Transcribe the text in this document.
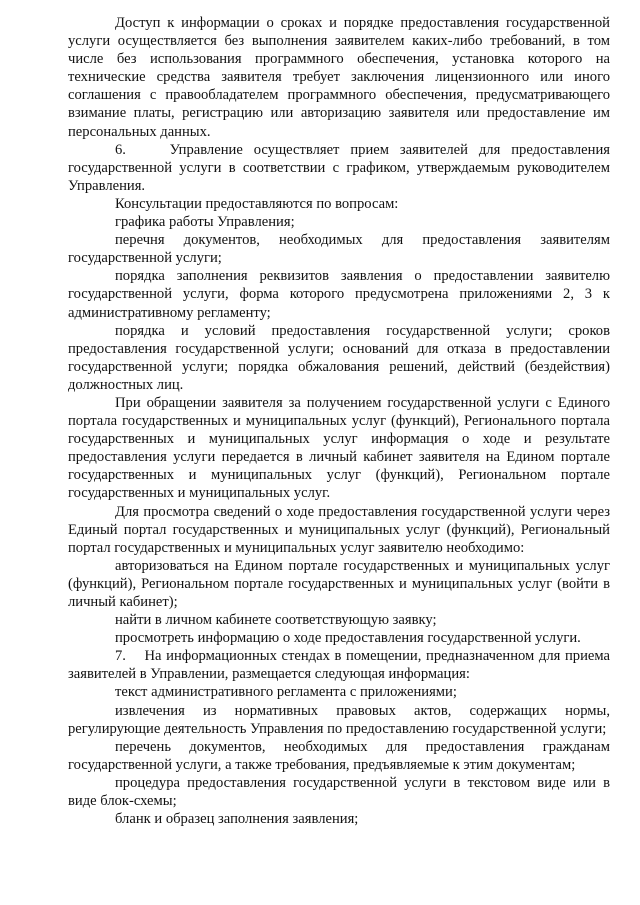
Доступ к информации о сроках и порядке предоставления государственной услуги осуществляется без выполнения заявителем каких-либо требований, в том числе без использования программного обеспечения, установка которого на технические средства заявителя требует заключения лицензионного или иного соглашения с правообладателем программного обеспечения, предусматривающего взимание платы, регистрацию или авторизацию заявителя или предоставление им персональных данных.

6.    Управление осуществляет прием заявителей для предоставления государственной услуги в соответствии с графиком, утверждаемым руководителем Управления.

Консультации предоставляются по вопросам:

графика работы Управления;

перечня документов, необходимых для предоставления заявителям государственной услуги;

порядка заполнения реквизитов заявления о предоставлении заявителю государственной услуги, форма которого предусмотрена приложениями 2, 3 к административному регламенту;

порядка и условий предоставления государственной услуги; сроков предоставления государственной услуги; оснований для отказа в предоставлении государственной услуги; порядка обжалования решений, действий (бездействия) должностных лиц.

При обращении заявителя за получением государственной услуги с Единого портала государственных и муниципальных услуг (функций), Регионального портала государственных и муниципальных услуг информация о ходе и результате предоставления услуги передается в личный кабинет заявителя на Едином портале государственных и муниципальных услуг (функций), Региональном портале государственных и муниципальных услуг.

Для просмотра сведений о ходе предоставления государственной услуги через Единый портал государственных и муниципальных услуг (функций), Региональный портал государственных и муниципальных услуг заявителю необходимо:

авторизоваться на Едином портале государственных и муниципальных услуг (функций), Региональном портале государственных и муниципальных услуг (войти в личный кабинет);

найти в личном кабинете соответствующую заявку;

просмотреть информацию о ходе предоставления государственной услуги.

7.    На информационных стендах в помещении, предназначенном для приема заявителей в Управлении, размещается следующая информация:

текст административного регламента с приложениями;

извлечения из нормативных правовых актов, содержащих нормы, регулирующие деятельность Управления по предоставлению государственной услуги;

перечень документов, необходимых для предоставления гражданам государственной услуги, а также требования, предъявляемые к этим документам;

процедура предоставления государственной услуги в текстовом виде или в виде блок-схемы;

бланк и образец заполнения заявления;
